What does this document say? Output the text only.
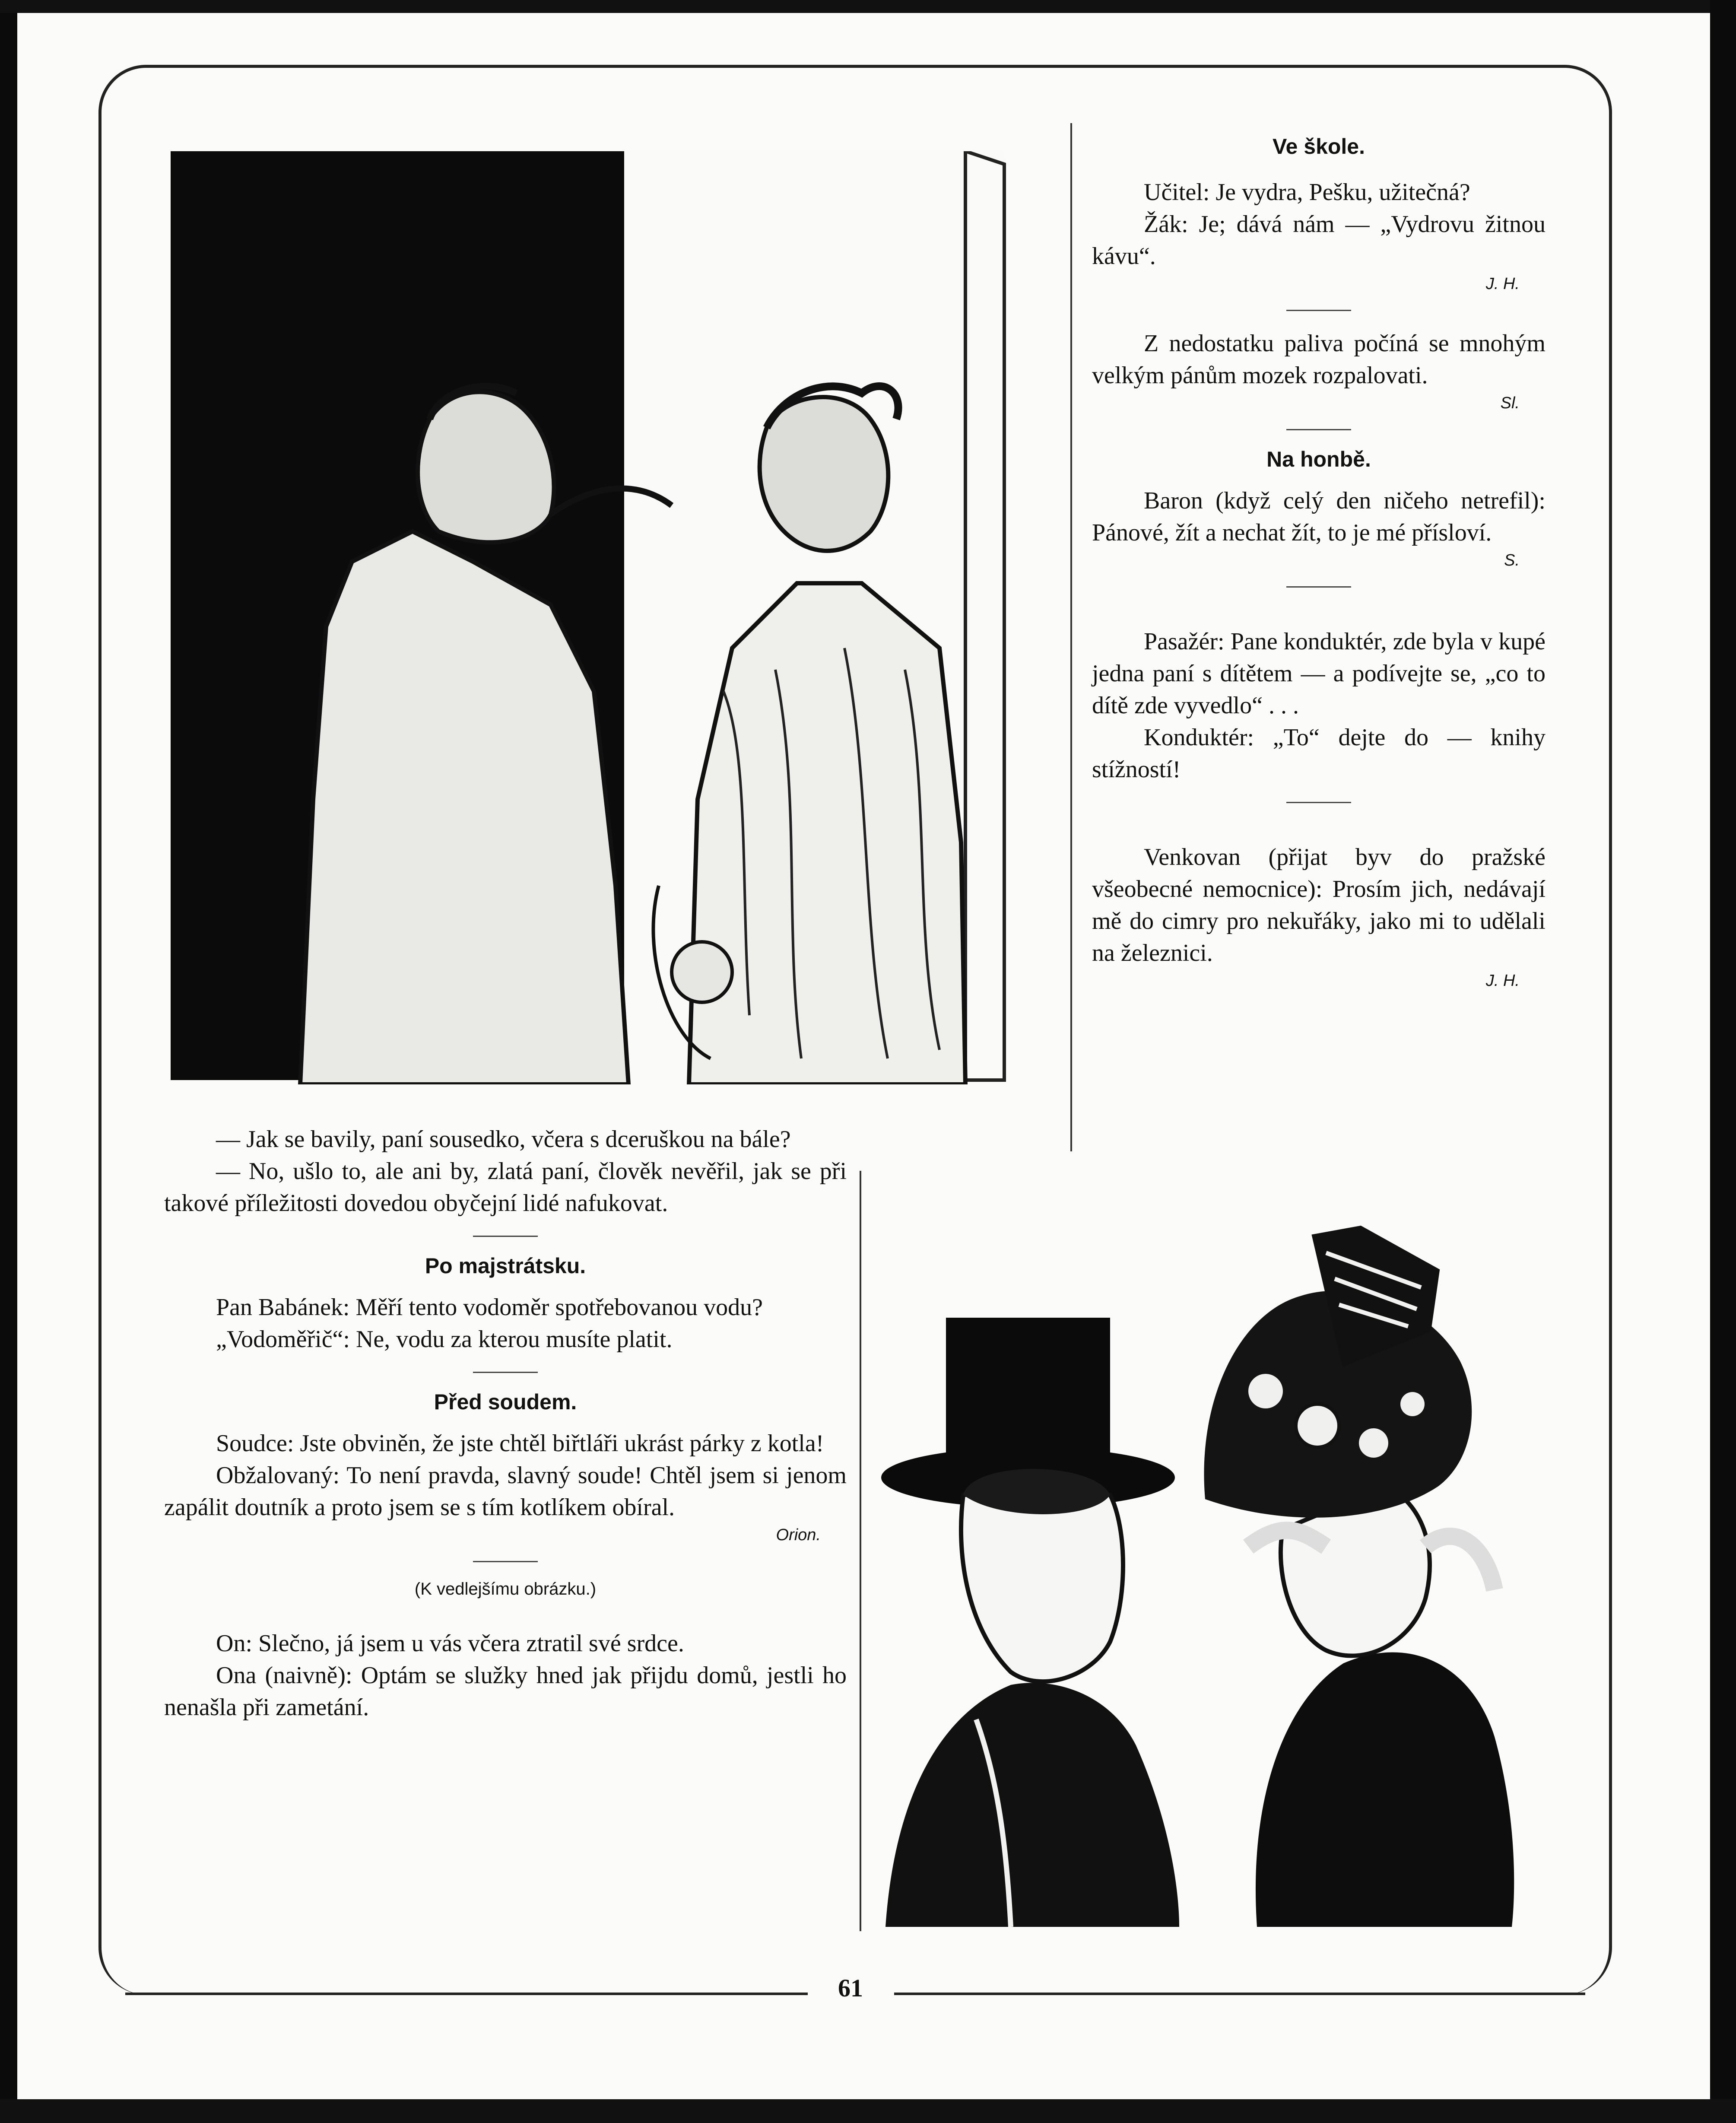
Ve škole.

Učitel: Je vydra, Pešku, užitečná?

Žák: Je; dává nám — „Vydrovu žitnou kávu“.

J. H.

Z nedostatku paliva počíná se mnohým velkým pánům mozek rozpalovati.

Sl.

Na honbě.

Baron (když celý den ničeho netrefil): Pánové, žít a nechat žít, to je mé přísloví.

S.

Pasažér: Pane konduktér, zde byla v kupé jedna paní s dítětem — a podívejte se, „co to dítě zde vyvedlo“ . . .

Konduktér: „To“ dejte do — knihy stížností!

Venkovan (přijat byv do pražské všeobecné nemocnice): Prosím jich, nedávají mě do cimry pro nekuřáky, jako mi to udělali na železnici.

J. H.

— Jak se bavily, paní sousedko, včera s dceruškou na bále?

— No, ušlo to, ale ani by, zlatá paní, člověk nevěřil, jak se při takové příležitosti dovedou obyčejní lidé nafukovat.

Po majstrátsku.

Pan Babánek: Měří tento vodoměr spotřebovanou vodu?

„Vodoměřič“: Ne, vodu za kterou musíte platit.

Před soudem.

Soudce: Jste obviněn, že jste chtěl biřtláři ukrást párky z kotla!

Obžalovaný: To není pravda, slavný soude! Chtěl jsem si jenom zapálit doutník a proto jsem se s tím kotlíkem obíral.

Orion.

(K vedlejšímu obrázku.)

On: Slečno, já jsem u vás včera ztratil své srdce.

Ona (naivně): Optám se služky hned jak přijdu domů, jestli ho nenašla při zametání.

61
